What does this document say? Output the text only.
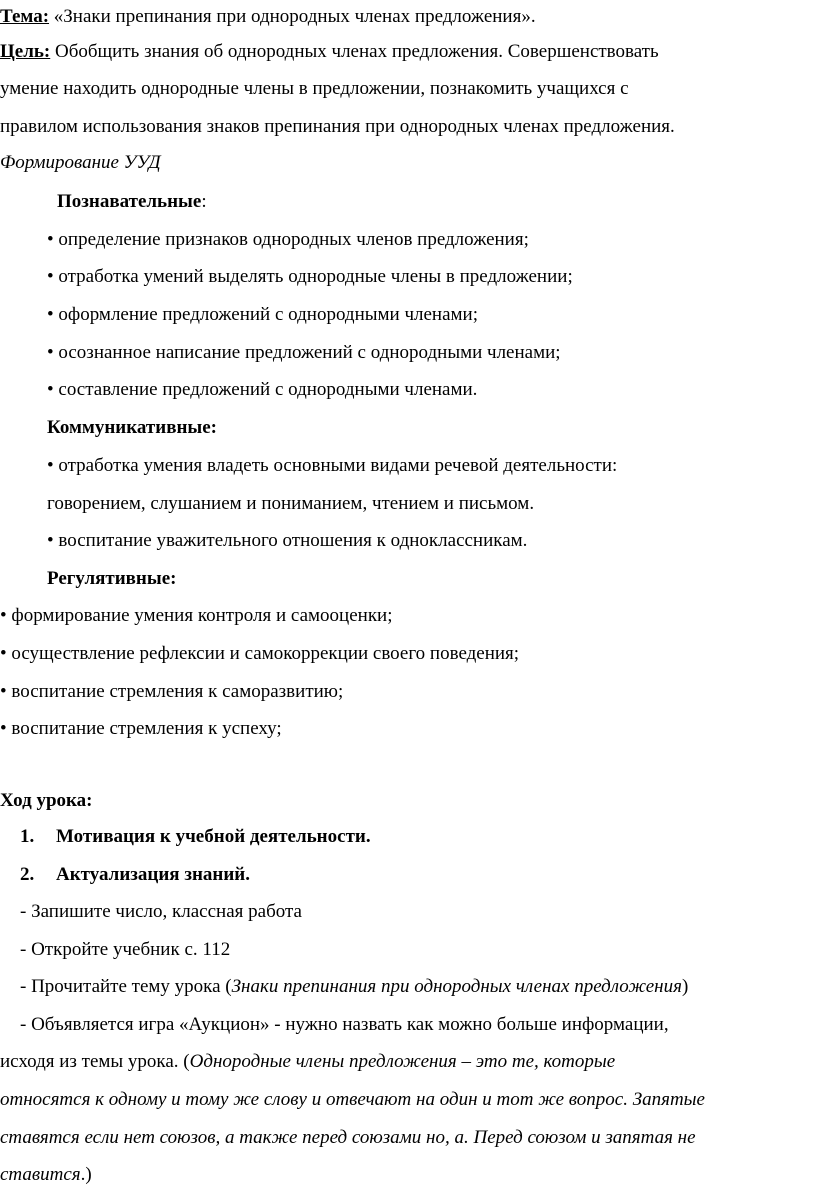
Тема: «Знаки препинания при однородных членах предложения».
Цель: Обобщить знания об однородных членах предложения. Совершенствовать
умение находить однородные члены в предложении, познакомить учащихся с
правилом использования знаков препинания при однородных членах предложения.
Формирование УУД
Познавательные:
• определение признаков однородных членов предложения;
• отработка умений выделять однородные члены в предложении;
• оформление предложений с однородными членами;
• осознанное написание предложений с однородными членами;
• составление предложений с однородными членами.
Коммуникативные:
• отработка умения владеть основными видами речевой деятельности:
говорением, слушанием и пониманием, чтением и письмом.
• воспитание уважительного отношения к одноклассникам.
Регулятивные:
• формирование умения контроля и самооценки;
• осуществление рефлексии и самокоррекции своего поведения;
• воспитание стремления к саморазвитию;
• воспитание стремления к успеху;
Ход урока:
1. Мотивация к учебной деятельности.
2. Актуализация знаний.
- Запишите число, классная работа
- Откройте учебник с. 112
- Прочитайте тему урока (Знаки препинания при однородных членах предложения)
- Объявляется игра «Аукцион» - нужно назвать как можно больше информации,
исходя из темы урока. (Однородные члены предложения – это те, которые
относятся к одному и тому же слову и отвечают на один и тот же вопрос. Запятые
ставятся если нет союзов, а также перед союзами но, а. Перед союзом и запятая не
ставится.)
